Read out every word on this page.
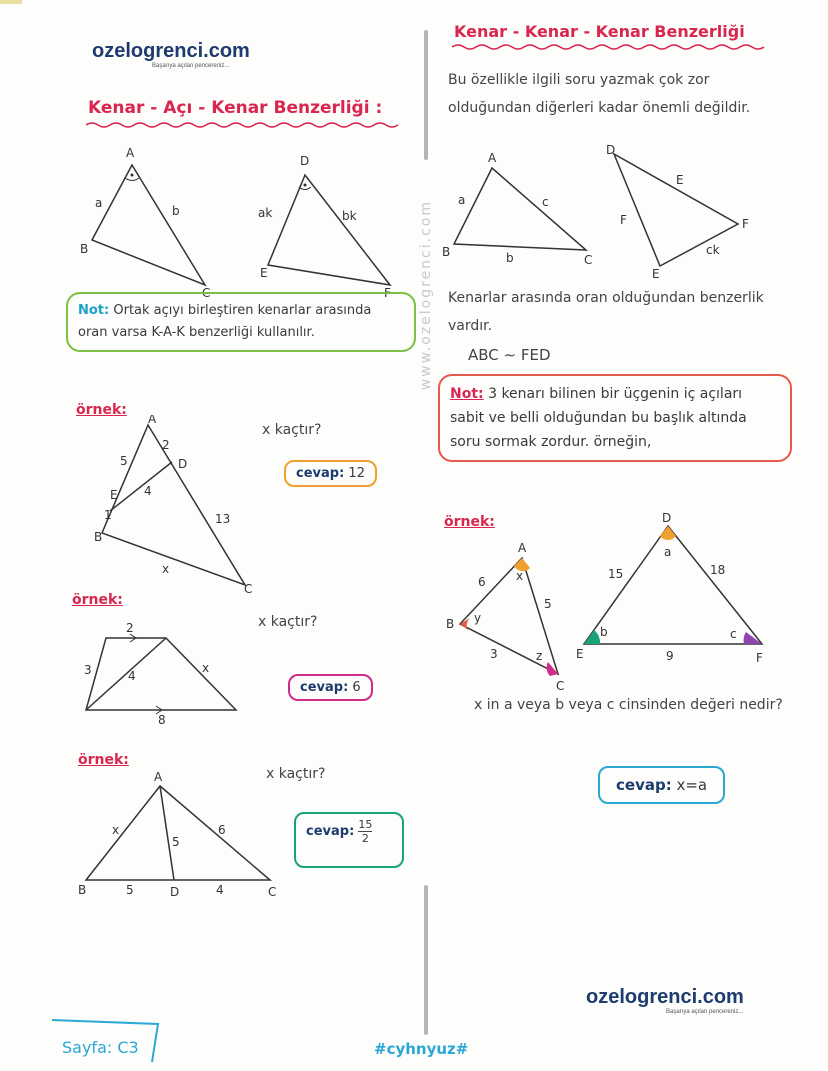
ozelogrenci.com
Başarıya açılan pencereniz...
www.ozelogrenci.com
Kenar - Açı - Kenar Benzerliği :
A
B
C
a
b
D
E
F
ak	bk
Not: Ortak açıyı birleştiren kenarlar arasında oran varsa K-A-K benzerliği kullanılır.
örnek:
x kaçtır?
cevap: 12
A
2
D
5
E 4
1	13
B
x
C
örnek:
x kaçtır?
cevap: 6
2
3	4
x
8
örnek:
x kaçtır?
cevap: $\frac{15}{2}$
A
x
5
6
B	5	D	4	C
Kenar - Kenar - Kenar Benzerliği
Bu özellikle ilgili soru yazmak çok zor olduğundan diğerleri kadar önemli değildir.
A
B
C
a
b
c
D
E
F
ck
F
E
Kenarlar arasında oran olduğundan benzerlik vardır.
ABC ∼ FED
Not: 3 kenarı bilinen bir üçgenin iç açıları sabit ve belli olduğundan bu başlık altında soru sormak zordur. örneğin,
örnek:
A
x
6
5
B y
3	z
C
D
a
15	18
E
b
9
c
F
x in a veya b veya c cinsinden değeri nedir?
cevap: x=a
ozelogrenci.com
Başarıya açılan pencereniz...
Sayfa: C3	#cyhnyuz#
